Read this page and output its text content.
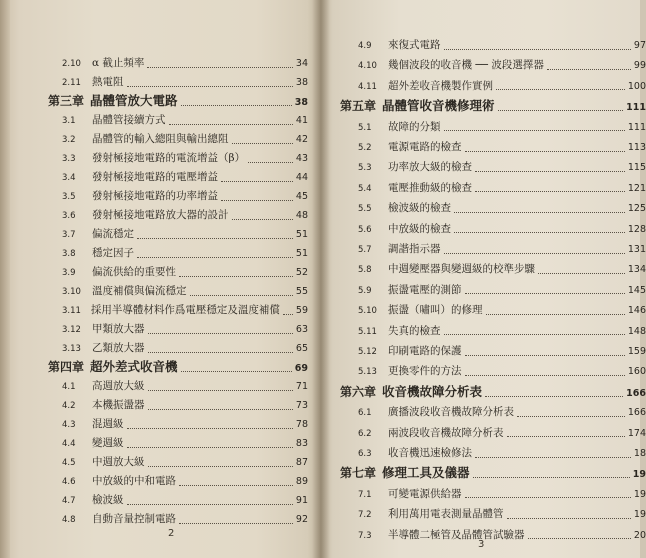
2.10	α 截止頻率	34
2.11	熱電阻	38
第三章 晶體管放大電路	38
3.1	晶體管接續方式	41
3.2	晶體管的輸入總阻與輸出總阻	42
3.3	發射極接地電路的電流增益（β）	43
3.4	發射極接地電路的電壓增益	44
3.5	發射極接地電路的功率增益	45
3.6	發射極接地電路放大器的設計	48
3.7	偏流穩定	51
3.8	穩定因子	51
3.9	偏流供給的重要性	52
3.10	溫度補償與偏流穩定	55
3.11 採用半導體材料作爲電壓穩定及溫度補償 59
3.12	甲類放大器	63
3.13	乙類放大器	65
第四章 超外差式收音機	69
4.1	高週放大級	71
4.2	本機振盪器	73
4.3	混週級	78
4.4	變週級	83
4.5	中週放大級	87
4.6	中放級的中和電路	89
4.7	檢波級	91
4.8	自動音量控制電路	92
2
4.9	來復式電路	97
4.10	幾個波段的收音機 ── 波段選擇器	99
4.11	超外差收音機製作實例	100
第五章 晶體管收音機修理術	111
5.1	故障的分類	111
5.2	電源電路的檢查	113
5.3	功率放大級的檢查	115
5.4	電壓推動級的檢查	121
5.5	檢波級的檢查	125
5.6	中放級的檢查	128
5.7	調諧指示器	131
5.8	中週變壓器與變週級的校準步驟	134
5.9	振盪電壓的測節	145
5.10	振盪（嘯叫）的修理	146
5.11	失真的檢查	148
5.12	印刷電路的保護	159
5.13	更換零件的方法	160
第六章 收音機故障分析表	166
6.1	廣播波段收音機故障分析表	166
6.2	兩波段收音機故障分析表	174
6.3	收音機迅速檢修法	18
第七章 修理工具及儀器	19
7.1	可變電源供給器	19
7.2	利用萬用電表測量晶體管	19
7.3	半導體二極管及晶體管試驗器	20
3
